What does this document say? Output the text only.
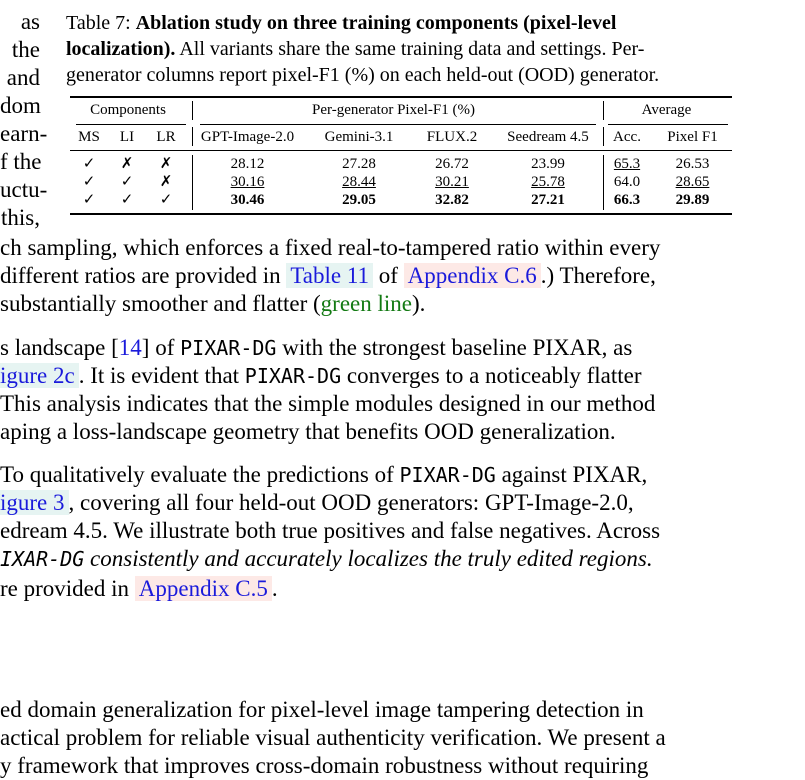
as
the
and
dom
earn-
f the
uctu-
this,
Table 7: Ablation study on three training components (pixel-level
localization). All variants share the same training data and settings. Per-
generator columns report pixel-F1 (%) on each held-out (OOD) generator.
Components			Per-generator Pixel-F1 (%)				Average	
MS	LI	LR	GPT-Image-2.0	Gemini-3.1	FLUX.2	Seedream 4.5	Acc.	Pixel F1

✓	✗	✗	28.12	27.28	26.72	23.99	65.3	26.53
✓	✓	✗	30.16	28.44	30.21	25.78	64.0	28.65
✓	✓	✓	30.46	29.05	32.82	27.21	66.3	29.89
ch sampling, which enforces a fixed real-to-tampered ratio within every
different ratios are provided in Table 11 of Appendix C.6 .) Therefore,
substantially smoother and flatter (green line).
s landscape [14] of PIXAR-DG with the strongest baseline PIXAR, as
igure 2c . It is evident that PIXAR-DG converges to a noticeably flatter
This analysis indicates that the simple modules designed in our method
aping a loss-landscape geometry that benefits OOD generalization.
To qualitatively evaluate the predictions of PIXAR-DG against PIXAR,
igure 3 , covering all four held-out OOD generators: GPT-Image-2.0,
edream 4.5. We illustrate both true positives and false negatives. Across
IXAR-DG consistently and accurately localizes the truly edited regions.
re provided in Appendix C.5 .
ed domain generalization for pixel-level image tampering detection in
actical problem for reliable visual authenticity verification. We present a
y framework that improves cross-domain robustness without requiring
